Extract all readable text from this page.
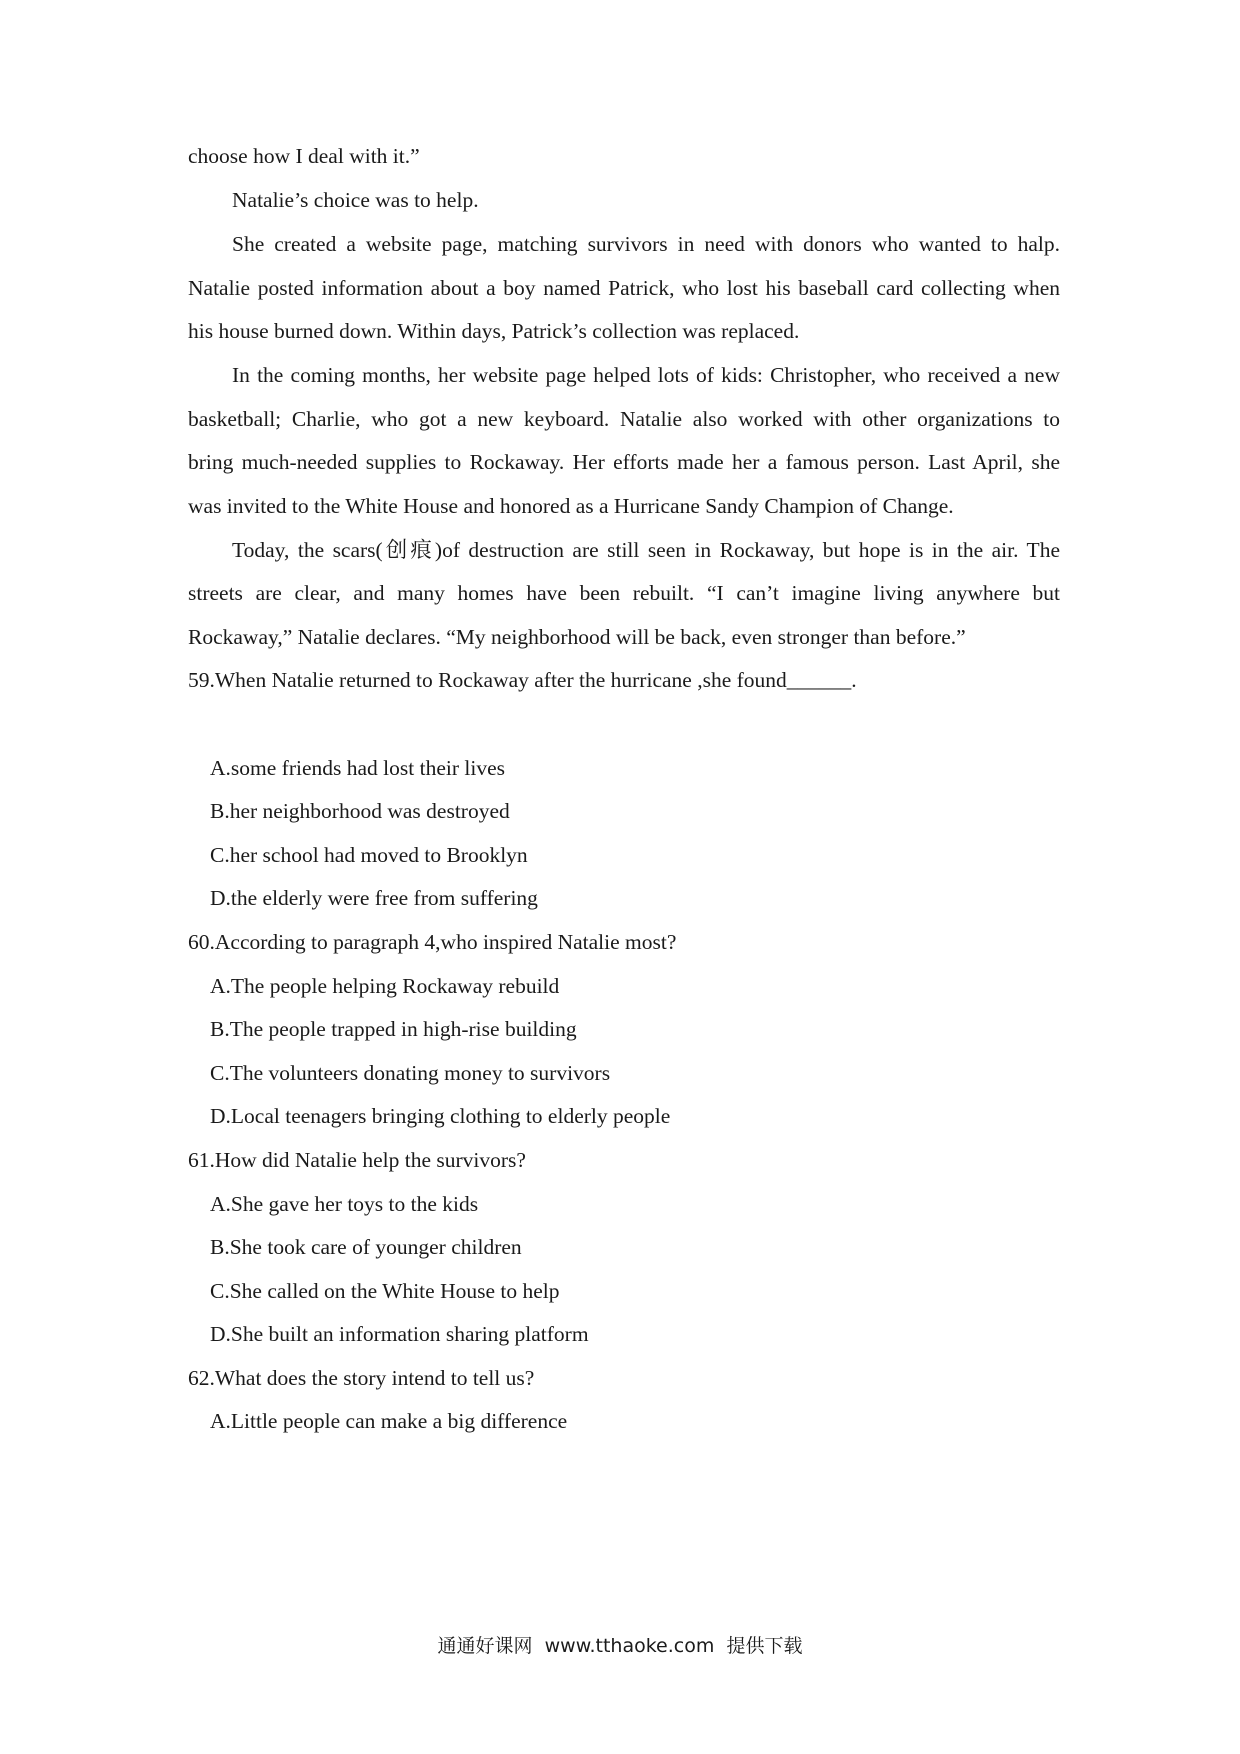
choose how I deal with it.”
Natalie’s choice was to help.
She created a website page, matching survivors in need with donors who wanted to halp.
Natalie posted information about a boy named Patrick, who lost his baseball card collecting when
his house burned down. Within days, Patrick’s collection was replaced.
In the coming months, her website page helped lots of kids: Christopher, who received a new
basketball; Charlie, who got a new keyboard. Natalie also worked with other organizations to
bring much-needed supplies to Rockaway. Her efforts made her a famous person. Last April, she
was invited to the White House and honored as a Hurricane Sandy Champion of Change.
Today, the scars(创痕)of destruction are still seen in Rockaway, but hope is in the air. The
streets are clear, and many homes have been rebuilt. “I can’t imagine living anywhere but
Rockaway,” Natalie declares. “My neighborhood will be back, even stronger than before.”
59.When Natalie returned to Rockaway after the hurricane ,she found______.
A.some friends had lost their lives
B.her neighborhood was destroyed
C.her school had moved to Brooklyn
D.the elderly were free from suffering
60.According to paragraph 4,who inspired Natalie most?
A.The people helping Rockaway rebuild
B.The people trapped in high-rise building
C.The volunteers donating money to survivors
D.Local teenagers bringing clothing to elderly people
61.How did Natalie help the survivors?
A.She gave her toys to the kids
B.She took care of younger children
C.She called on the White House to help
D.She built an information sharing platform
62.What does the story intend to tell us?
A.Little people can make a big difference
通通好课网  www.tthaoke.com  提供下载
